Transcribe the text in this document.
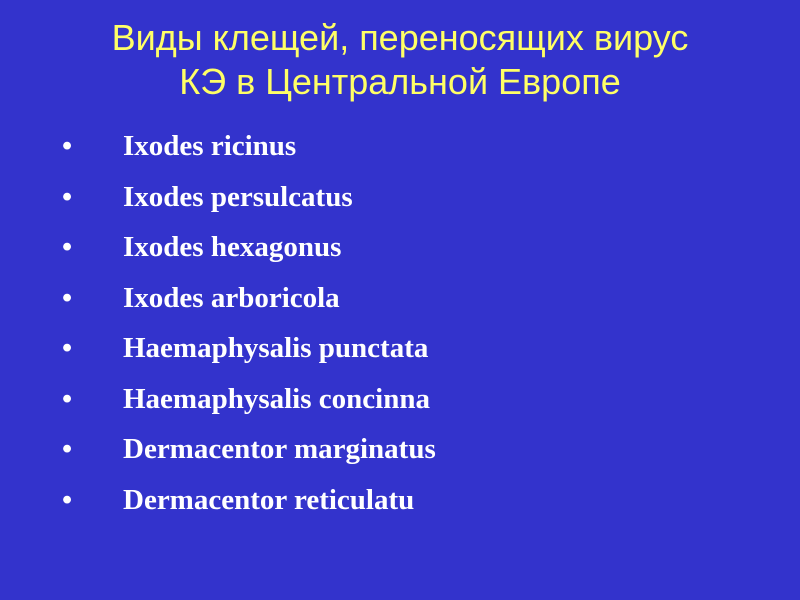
Виды клещей, переносящих вирус
КЭ в Центральной Европе
•	Ixodes ricinus
•	Ixodes persulcatus
•	Ixodes hexagonus
•	Ixodes arboricola
•	Haemaphysalis punctata
•	Haemaphysalis concinna
•	Dermacentor marginatus
•	Dermacentor reticulatu
